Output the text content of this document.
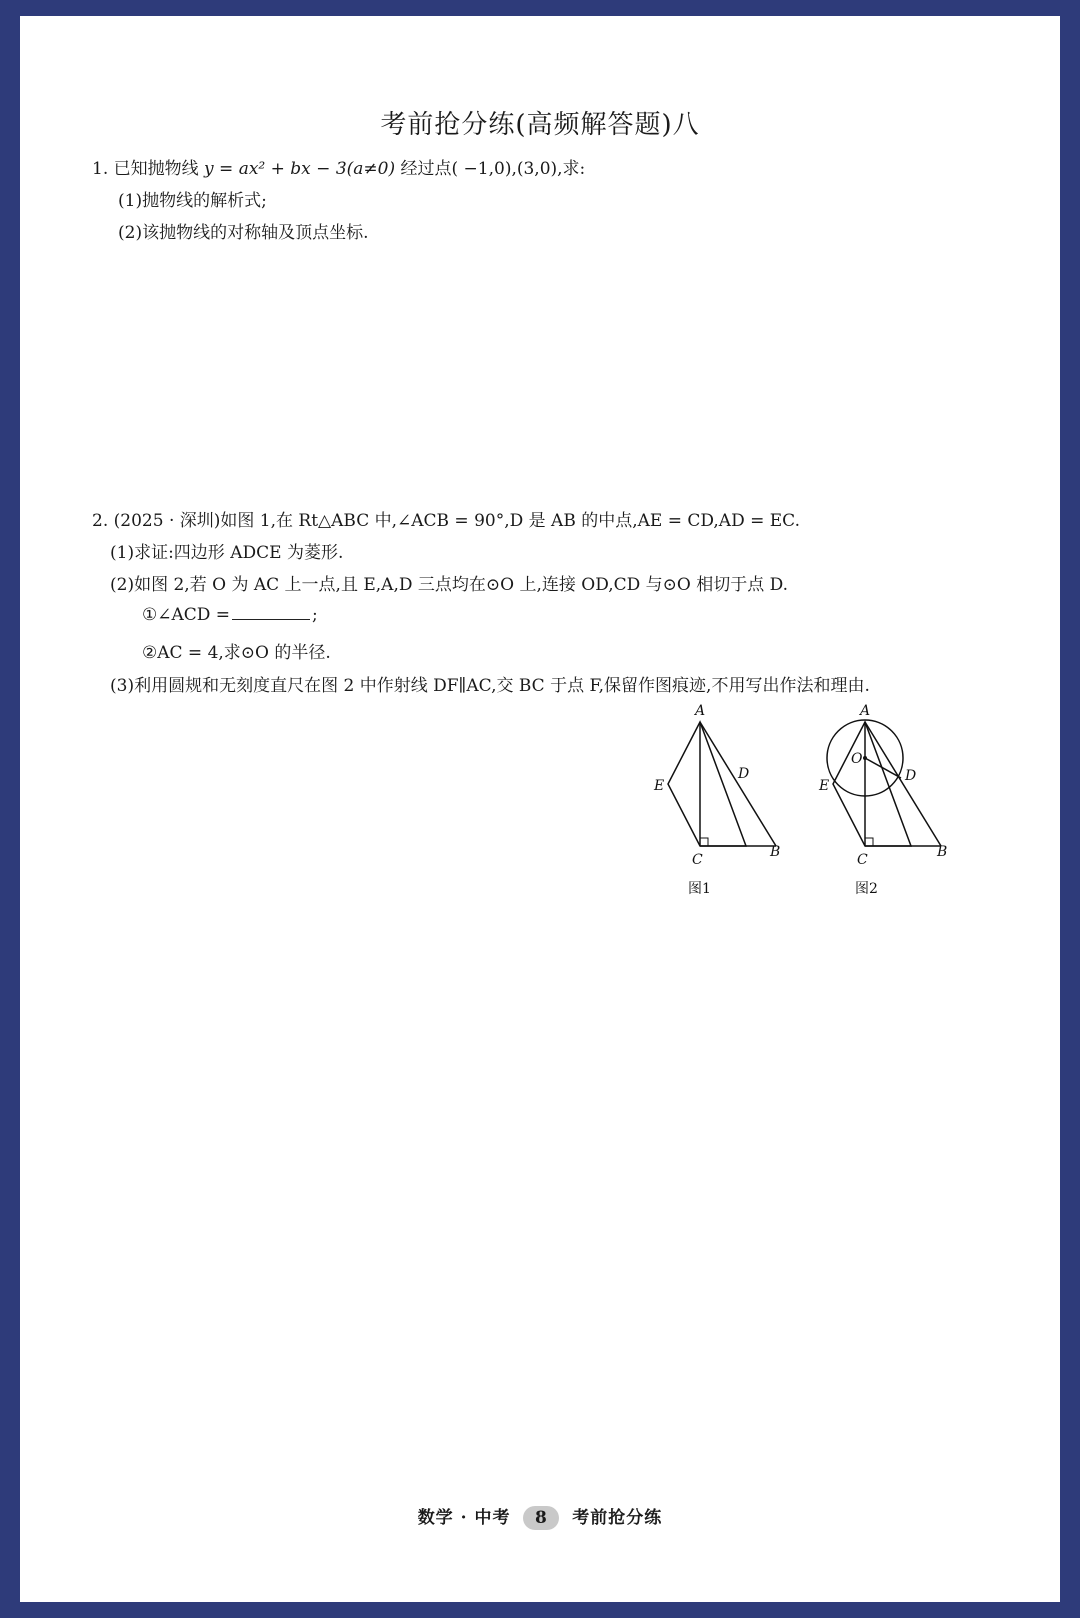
考前抢分练(高频解答题)八
1. 已知抛物线 y = ax² + bx − 3(a≠0) 经过点( −1,0),(3,0),求:
(1)抛物线的解析式;
(2)该抛物线的对称轴及顶点坐标.
2. (2025 · 深圳)如图 1,在 Rt△ABC 中,∠ACB = 90°,D 是 AB 的中点,AE = CD,AD = EC.
(1)求证:四边形 ADCE 为菱形.
(2)如图 2,若 O 为 AC 上一点,且 E,A,D 三点均在⊙O 上,连接 OD,CD 与⊙O 相切于点 D.
①∠ACD =	;
②AC = 4,求⊙O 的半径.
(3)利用圆规和无刻度直尺在图 2 中作射线 DF∥AC,交 BC 于点 F,保留作图痕迹,不用写出作法和理由.
A
E
D
C	B
图1
A
O
E
D
C	B
图2
数学 · 中考 8 考前抢分练
